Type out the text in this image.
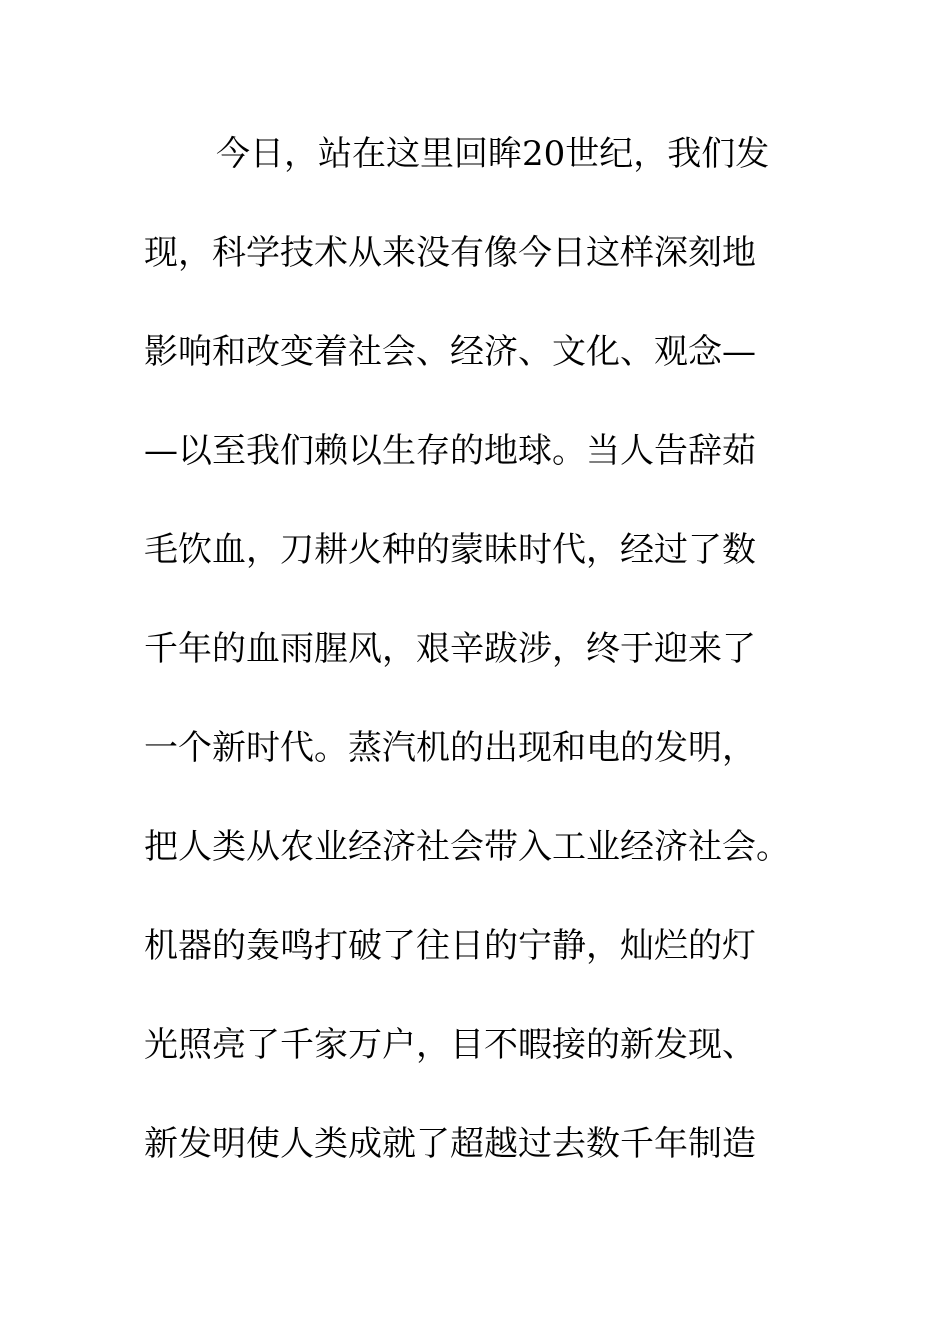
今日，站在这里回眸20世纪，我们发
现，科学技术从来没有像今日这样深刻地
影响和改变着社会、经济、文化、观念—
—以至我们赖以生存的地球。当人告辞茹
毛饮血，刀耕火种的蒙昧时代，经过了数
千年的血雨腥风，艰辛跋涉，终于迎来了
一个新时代。蒸汽机的出现和电的发明，
把人类从农业经济社会带入工业经济社会。
机器的轰鸣打破了往日的宁静，灿烂的灯
光照亮了千家万户，目不暇接的新发现、
新发明使人类成就了超越过去数千年制造
